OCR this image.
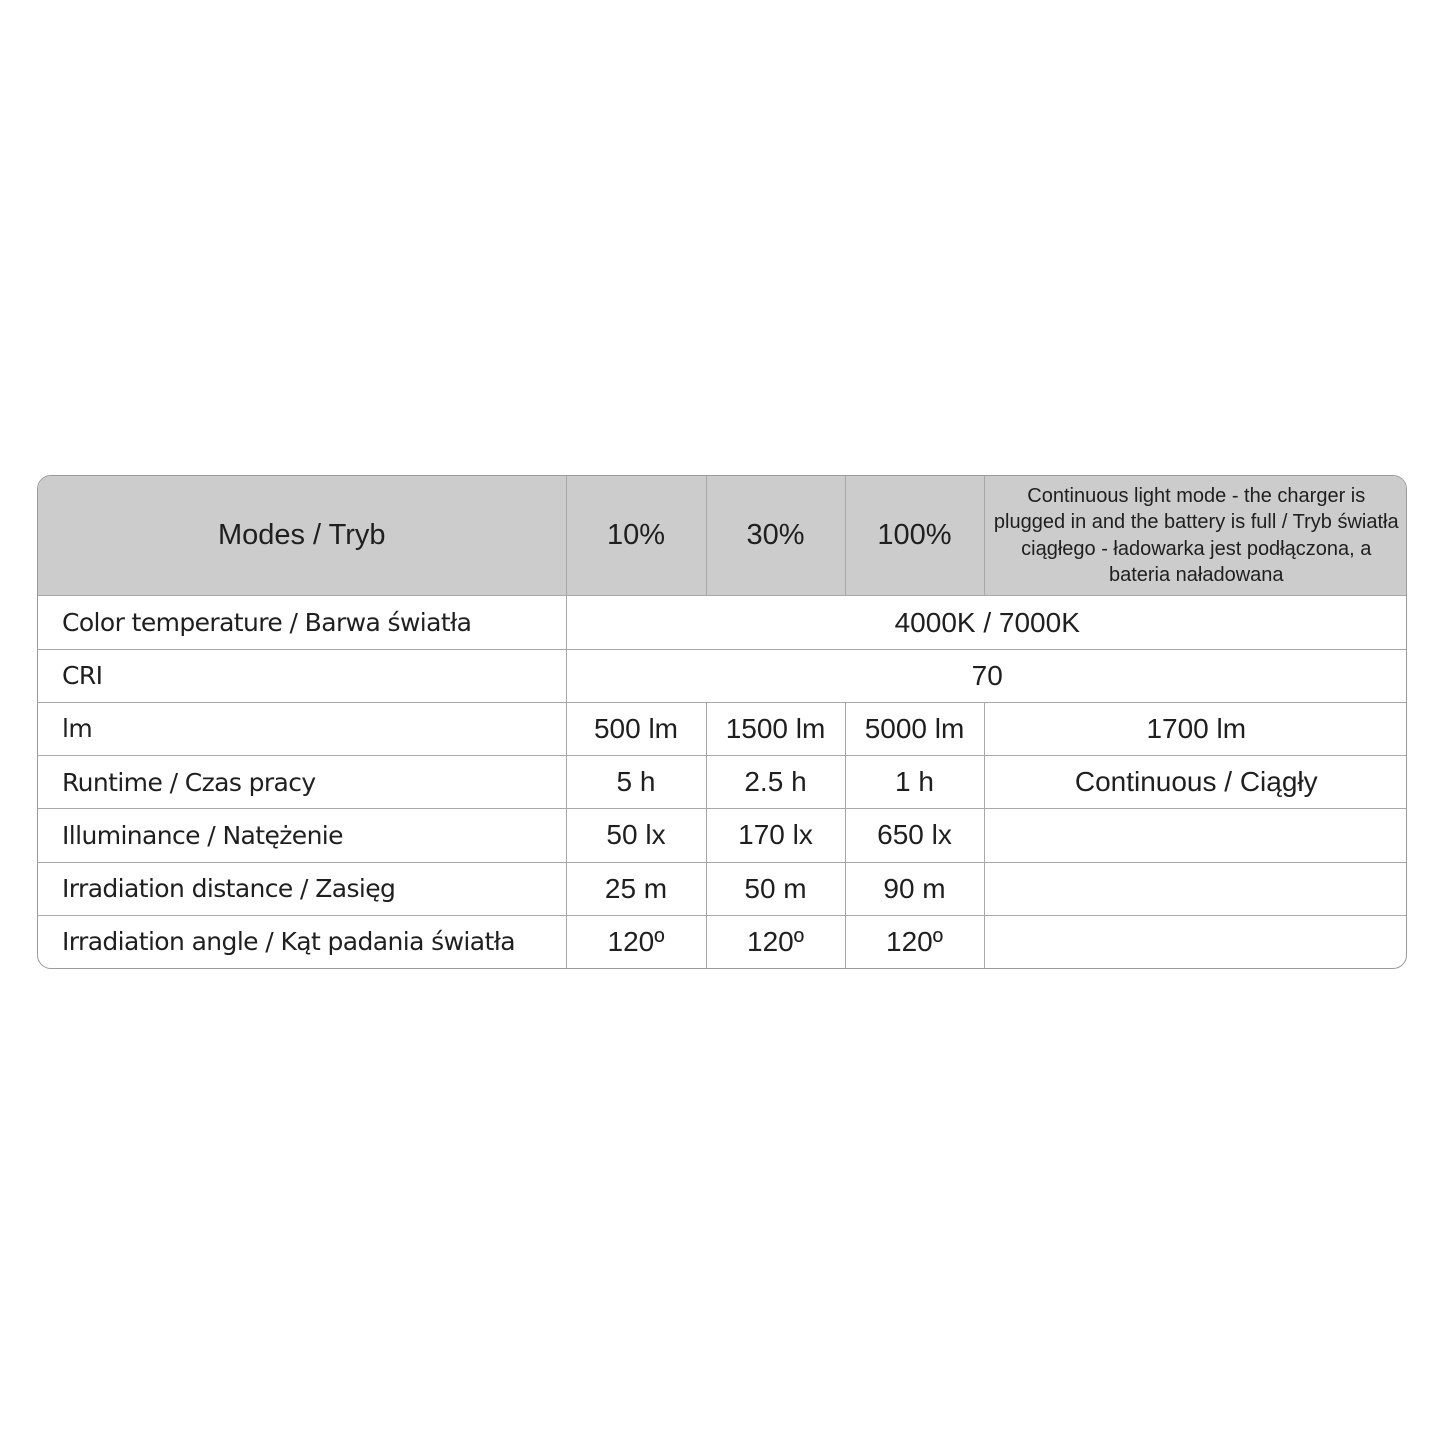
Modes / Tryb	10%	30%	100%	Continuous light mode - the charger is plugged in and the battery is full / Tryb światła ciągłego - ładowarka jest podłączona, a bateria naładowana
Color temperature / Barwa światła	4000K / 7000K			
CRI	70			
lm	500 lm	1500 lm	5000 lm	1700 lm
Runtime / Czas pracy	5 h	2.5 h	1 h	Continuous / Ciągły
Illuminance / Natężenie	50 lx	170 lx	650 lx	
Irradiation distance / Zasięg	25 m	50 m	90 m	
Irradiation angle / Kąt padania światła	120º	120º	120º	
